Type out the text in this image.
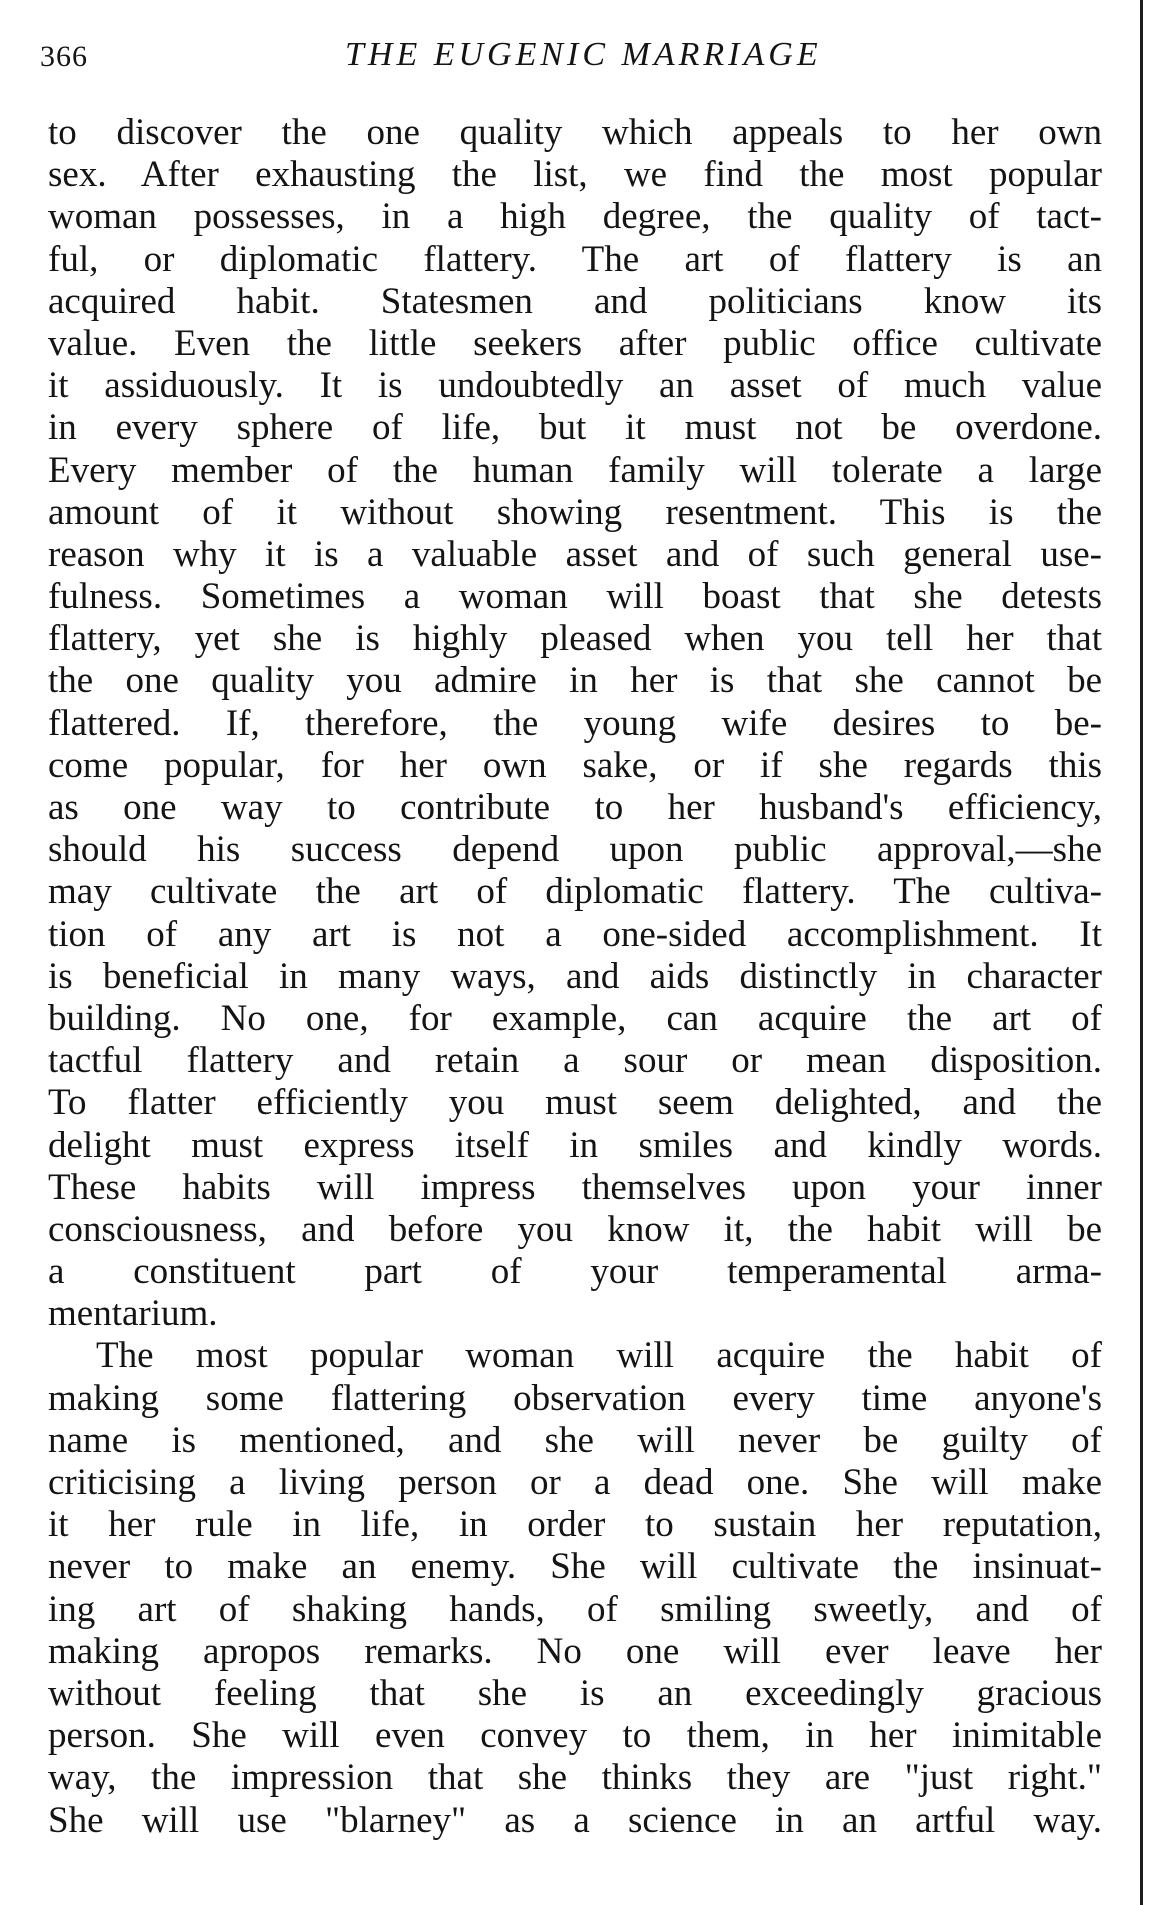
366	THE EUGENIC MARRIAGE
to discover the one quality which appeals to her own
sex. After exhausting the list, we find the most popular
woman possesses, in a high degree, the quality of tact-
ful, or diplomatic flattery. The art of flattery is an
acquired habit. Statesmen and politicians know its
value. Even the little seekers after public office cultivate
it assiduously. It is undoubtedly an asset of much value
in every sphere of life, but it must not be overdone.
Every member of the human family will tolerate a large
amount of it without showing resentment. This is the
reason why it is a valuable asset and of such general use-
fulness. Sometimes a woman will boast that she detests
flattery, yet she is highly pleased when you tell her that
the one quality you admire in her is that she cannot be
flattered. If, therefore, the young wife desires to be-
come popular, for her own sake, or if she regards this
as one way to contribute to her husband's efficiency,
should his success depend upon public approval,—she
may cultivate the art of diplomatic flattery. The cultiva-
tion of any art is not a one-sided accomplishment. It
is beneficial in many ways, and aids distinctly in character
building. No one, for example, can acquire the art of
tactful flattery and retain a sour or mean disposition.
To flatter efficiently you must seem delighted, and the
delight must express itself in smiles and kindly words.
These habits will impress themselves upon your inner
consciousness, and before you know it, the habit will be
a constituent part of your temperamental arma-
mentarium.
The most popular woman will acquire the habit of
making some flattering observation every time anyone's
name is mentioned, and she will never be guilty of
criticising a living person or a dead one. She will make
it her rule in life, in order to sustain her reputation,
never to make an enemy. She will cultivate the insinuat-
ing art of shaking hands, of smiling sweetly, and of
making apropos remarks. No one will ever leave her
without feeling that she is an exceedingly gracious
person. She will even convey to them, in her inimitable
way, the impression that she thinks they are "just right."
She will use "blarney" as a science in an artful way.
